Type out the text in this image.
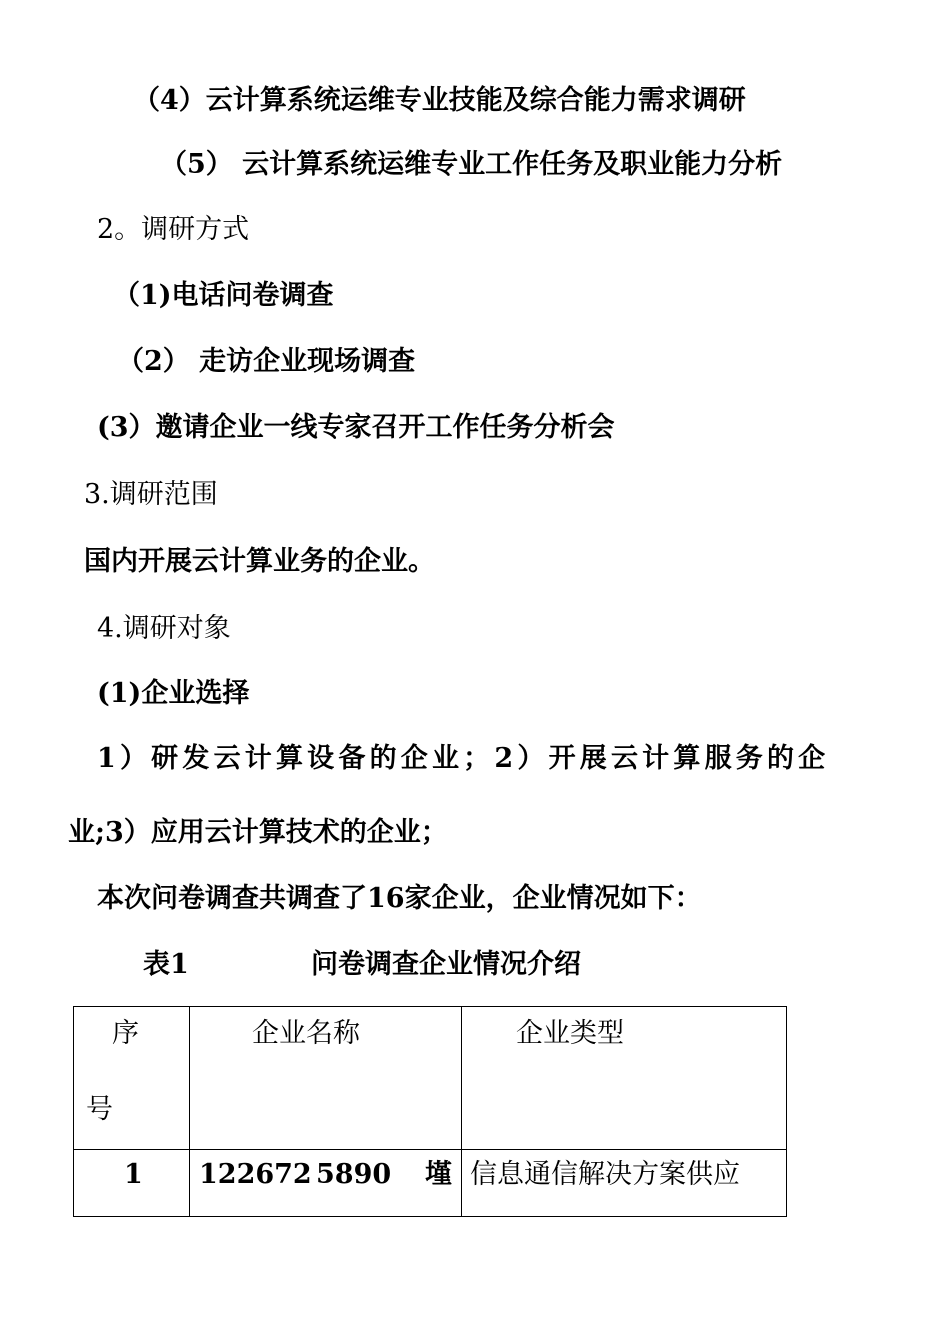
（4）云计算系统运维专业技能及综合能力需求调研
（5） 云计算系统运维专业工作任务及职业能力分析
2。调研方式
（1)电话问卷调查
（2） 走访企业现场调查
(3）邀请企业一线专家召开工作任务分析会
3.调研范围
国内开展云计算业务的企业。
4.调研对象
(1)企业选择
1）研发云计算设备的企业；2）开展云计算服务的企
业;3）应用云计算技术的企业；
本次问卷调查共调查了16家企业，企业情况如下：
表1	问卷调查企业情况介绍
序
号	企业名称	企业类型

1	122672 5890 墐	信息通信解决方案供应
